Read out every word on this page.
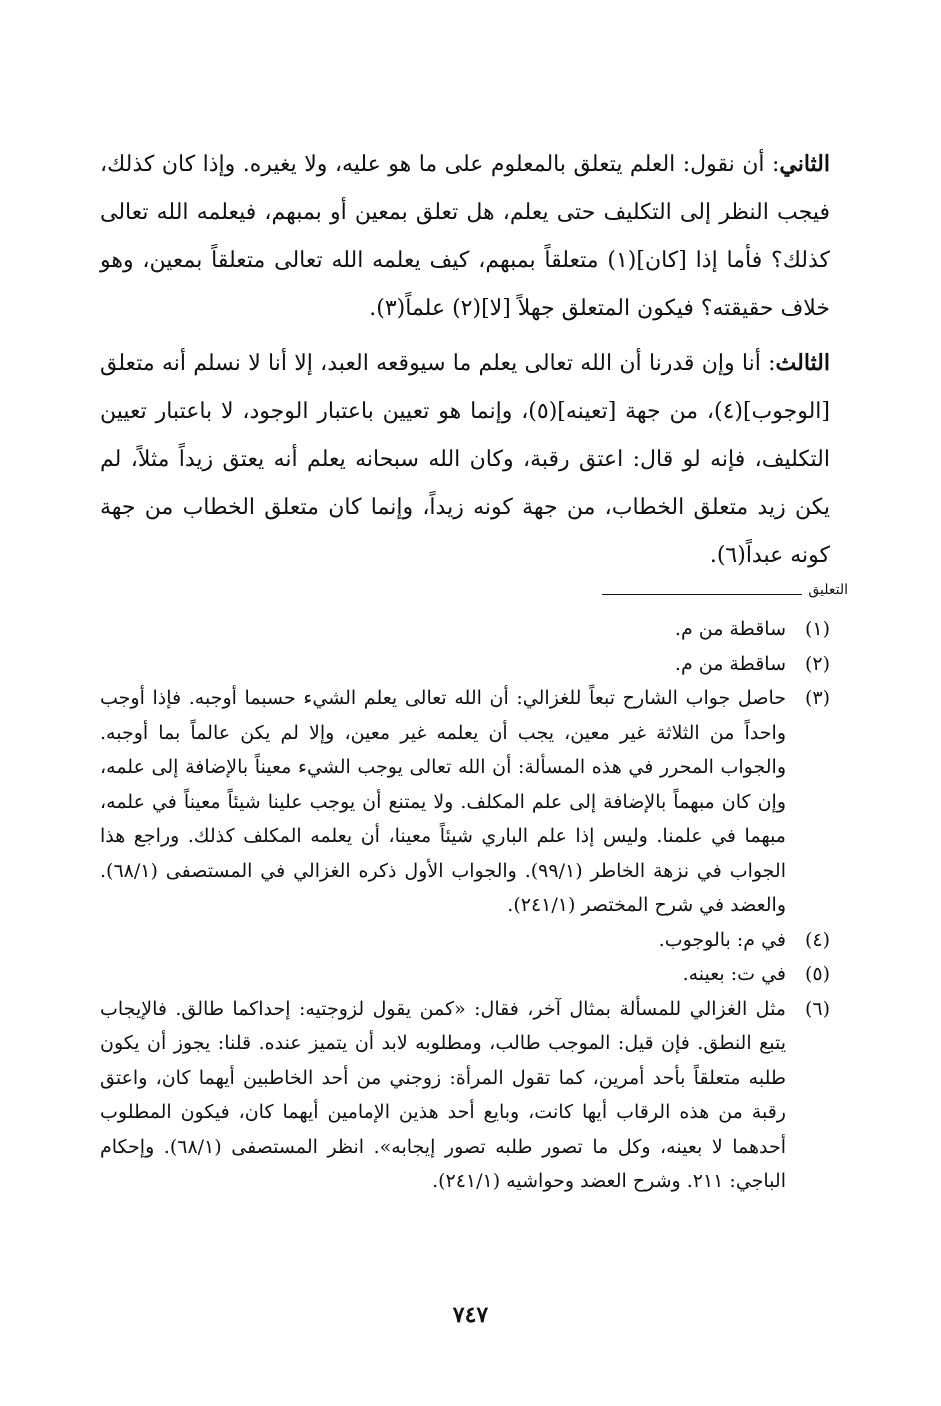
الثاني: أن نقول: العلم يتعلق بالمعلوم على ما هو عليه، ولا يغيره. وإذا كان كذلك، فيجب النظر إلى التكليف حتى يعلم، هل تعلق بمعين أو بمبهم، فيعلمه الله تعالى كذلك؟ فأما إذا [كان](١) متعلقاً بمبهم، كيف يعلمه الله تعالى متعلقاً بمعين، وهو خلاف حقيقته؟ فيكون المتعلق جهلاً [لا](٢) علماً(٣).

الثالث: أنا وإن قدرنا أن الله تعالى يعلم ما سيوقعه العبد، إلا أنا لا نسلم أنه متعلق [الوجوب](٤)، من جهة [تعينه](٥)، وإنما هو تعيين باعتبار الوجود، لا باعتبار تعيين التكليف، فإنه لو قال: اعتق رقبة، وكان الله سبحانه يعلم أنه يعتق زيداً مثلاً، لم يكن زيد متعلق الخطاب، من جهة كونه زيداً، وإنما كان متعلق الخطاب من جهة كونه عبداً(٦).

التعليق
(١)
ساقطة من م.
(٢)
ساقطة من م.
(٣)
حاصل جواب الشارح تبعاً للغزالي: أن الله تعالى يعلم الشيء حسبما أوجبه. فإذا أوجب واحداً من الثلاثة غير معين، يجب أن يعلمه غير معين، وإلا لم يكن عالماً بما أوجبه. والجواب المحرر في هذه المسألة: أن الله تعالى يوجب الشيء معيناً بالإضافة إلى علمه، وإن كان مبهماً بالإضافة إلى علم المكلف. ولا يمتنع أن يوجب علينا شيئاً معيناً في علمه، مبهما في علمنا. وليس إذا علم الباري شيئاً معينا، أن يعلمه المكلف كذلك. وراجع هذا الجواب في نزهة الخاطر (٩٩/١). والجواب الأول ذكره الغزالي في المستصفى (٦٨/١). والعضد في شرح المختصر (٢٤١/١).
(٤)
في م: بالوجوب.
(٥)
في ت: بعينه.
(٦)
مثل الغزالي للمسألة بمثال آخر، فقال: «كمن يقول لزوجتيه: إحداكما طالق. فالإيجاب يتبع النطق. فإن قيل: الموجب طالب، ومطلوبه لابد أن يتميز عنده. قلنا: يجوز أن يكون طلبه متعلقاً بأحد أمرين، كما تقول المرأة: زوجني من أحد الخاطبين أيهما كان، واعتق رقبة من هذه الرقاب أيها كانت، وبايع أحد هذين الإمامين أيهما كان، فيكون المطلوب أحدهما لا بعينه، وكل ما تصور طلبه تصور إيجابه». انظر المستصفى (٦٨/١). وإحكام الباجي: ٢١١. وشرح العضد وحواشيه (٢٤١/١).
٧٤٧
